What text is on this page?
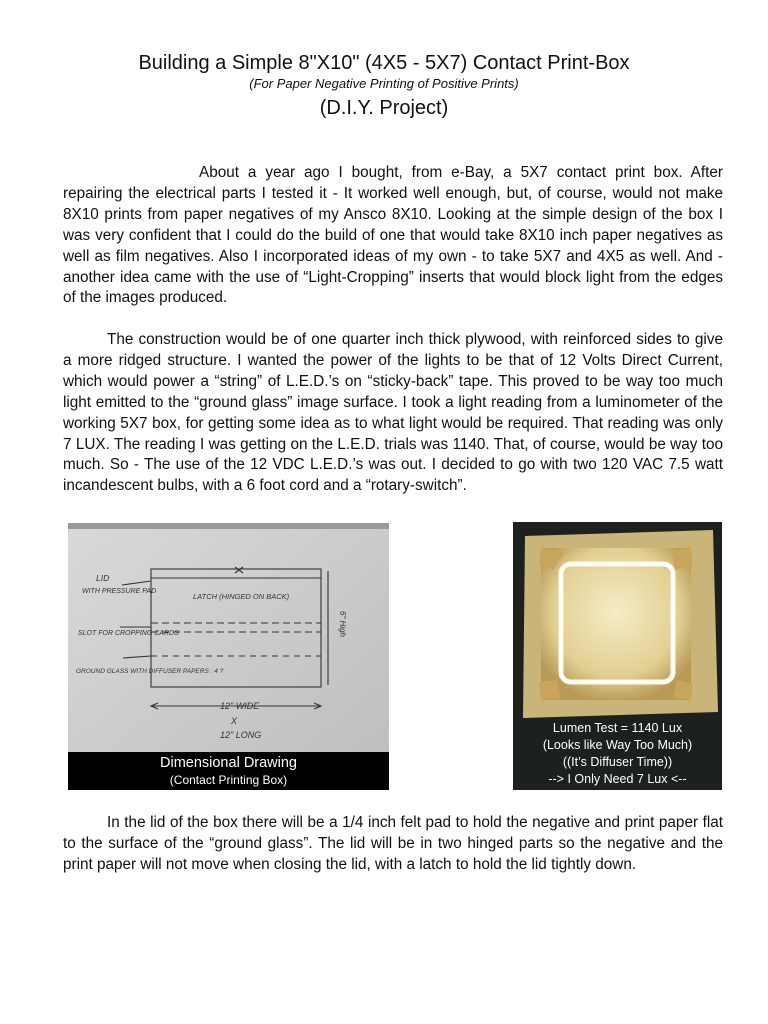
Building a Simple 8"X10" (4X5 - 5X7) Contact Print-Box
(For Paper Negative Printing of Positive Prints)
(D.I.Y. Project)

About a year ago I bought, from e-Bay, a 5X7 contact print box. After repairing the electrical parts I tested it - It worked well enough, but, of course, would not make 8X10 prints from paper negatives of my Ansco 8X10. Looking at the simple design of the box I was very confident that I could do the build of one that would take 8X10 inch paper negatives as well as film negatives. Also I incorporated ideas of my own - to take 5X7 and 4X5 as well. And - another idea came with the use of “Light-Cropping” inserts that would block light from the edges of the images produced.

The construction would be of one quarter inch thick plywood, with reinforced sides to give a more ridged structure. I wanted the power of the lights to be that of 12 Volts Direct Current, which would power a “string” of L.E.D.’s on “sticky-back” tape. This proved to be way too much light emitted to the “ground glass” image surface. I took a light reading from a luminometer of the working 5X7 box, for getting some idea as to what light would be required. That reading was only 7 LUX. The reading I was getting on the L.E.D. trials was 1140. That, of course, would be way too much. So - The use of the 12 VDC L.E.D.’s was out. I decided to go with two 120 VAC 7.5 watt incandescent bulbs, with a 6 foot cord and a “rotary-switch”.

LID
WITH PRESSURE PAD
LATCH (HINGED ON BACK)
SLOT FOR CROPPING CARDS
GROUND GLASS WITH DIFFUSER PAPERS : 4 ?
12" WIDE
X
12" LONG
6" High
Dimensional Drawing
(Contact Printing Box)
Lumen Test = 1140 Lux
(Looks like Way Too Much)
((It’s Diffuser Time))
--> I Only Need 7 Lux <--

In the lid of the box there will be a 1/4 inch felt pad to hold the negative and print paper flat to the surface of the “ground glass”. The lid will be in two hinged parts so the negative and the print paper will not move when closing the lid, with a latch to hold the lid tightly down.
